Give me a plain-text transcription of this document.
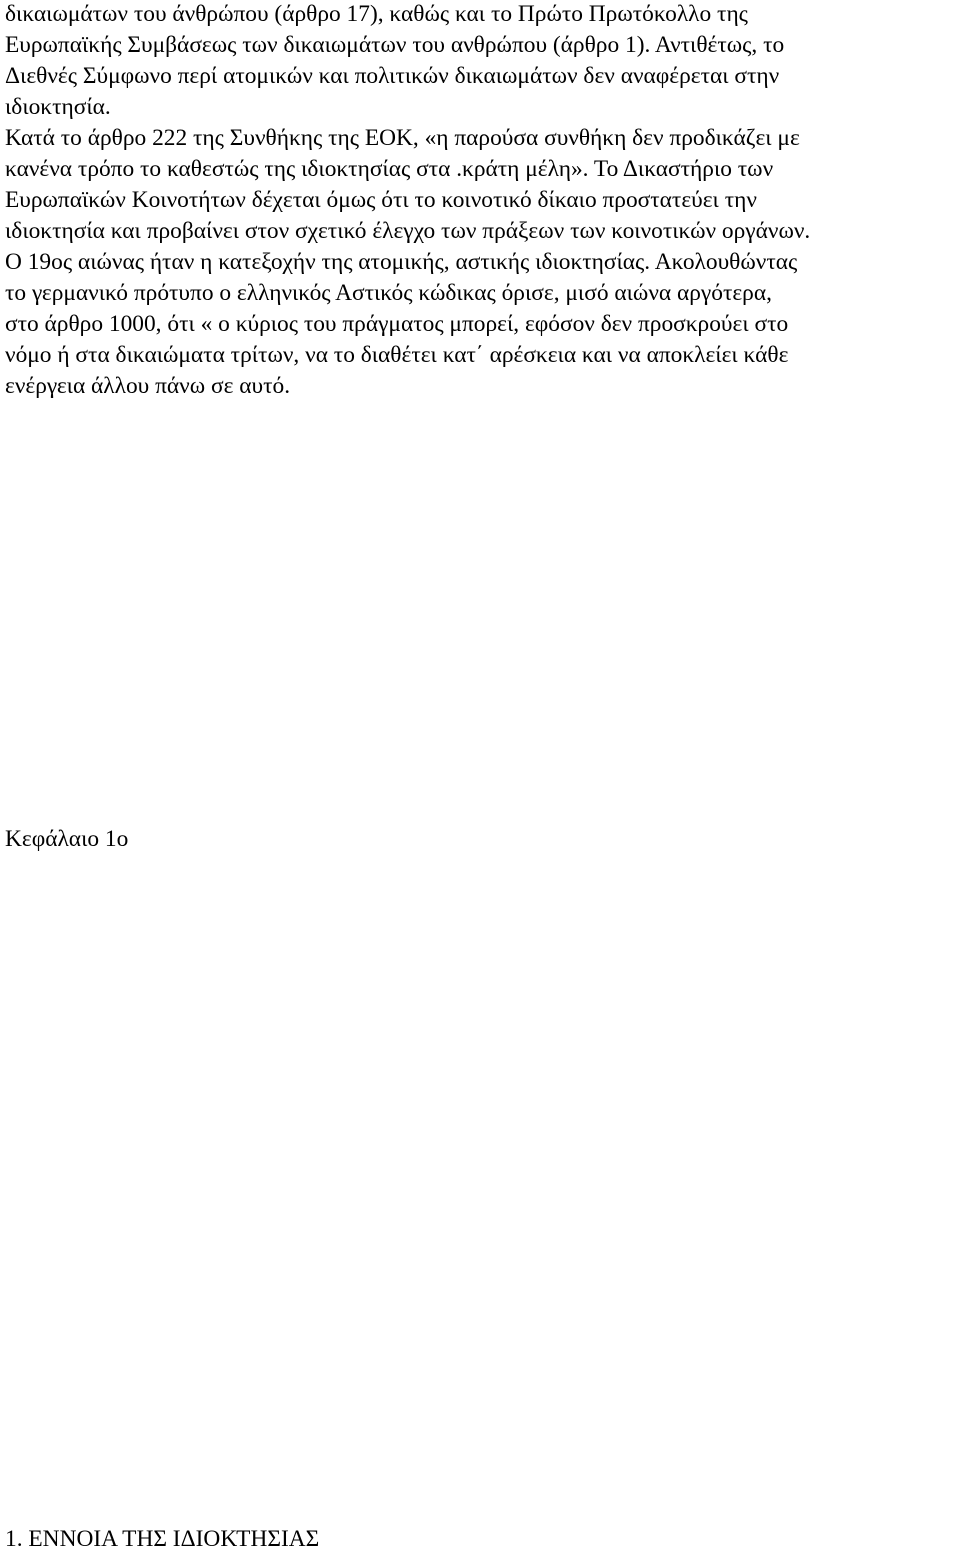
δικαιωμάτων του άνθρώπου (άρθρο 17), καθώς και το Πρώτο Πρωτόκολλο της

Ευρωπαϊκής Συμβάσεως των δικαιωμάτων του ανθρώπου (άρθρο 1). Αντιθέτως, το

Διεθνές Σύμφωνο περί ατομικών και πολιτικών δικαιωμάτων δεν αναφέρεται στην

ιδιοκτησία.

Κατά το άρθρο 222 της Συνθήκης της ΕΟΚ, «η παρούσα συνθήκη δεν προδικάζει με

κανένα τρόπο το καθεστώς της ιδιοκτησίας στα .κράτη μέλη». Το Δικαστήριο των

Ευρωπαϊκών Κοινοτήτων δέχεται όμως ότι το κοινοτικό δίκαιο προστατεύει την

ιδιοκτησία και προβαίνει στον σχετικό έλεγχο των πράξεων των κοινοτικών οργάνων.

Ο 19ος αιώνας ήταν η κατεξοχήν της ατομικής, αστικής ιδιοκτησίας. Ακολουθώντας

το γερμανικό πρότυπο ο ελληνικός Αστικός κώδικας όρισε, μισό αιώνα αργότερα,

στο άρθρο 1000, ότι « ο κύριος του πράγματος μπορεί, εφόσον δεν προσκρούει στο

νόμο ή στα δικαιώματα τρίτων, να το διαθέτει κατ΄ αρέσκεια και να αποκλείει κάθε

ενέργεια άλλου πάνω σε αυτό.

Κεφάλαιο 1ο
1. ΕΝΝΟΙΑ ΤΗΣ ΙΔΙΟΚΤΗΣΙΑΣ
